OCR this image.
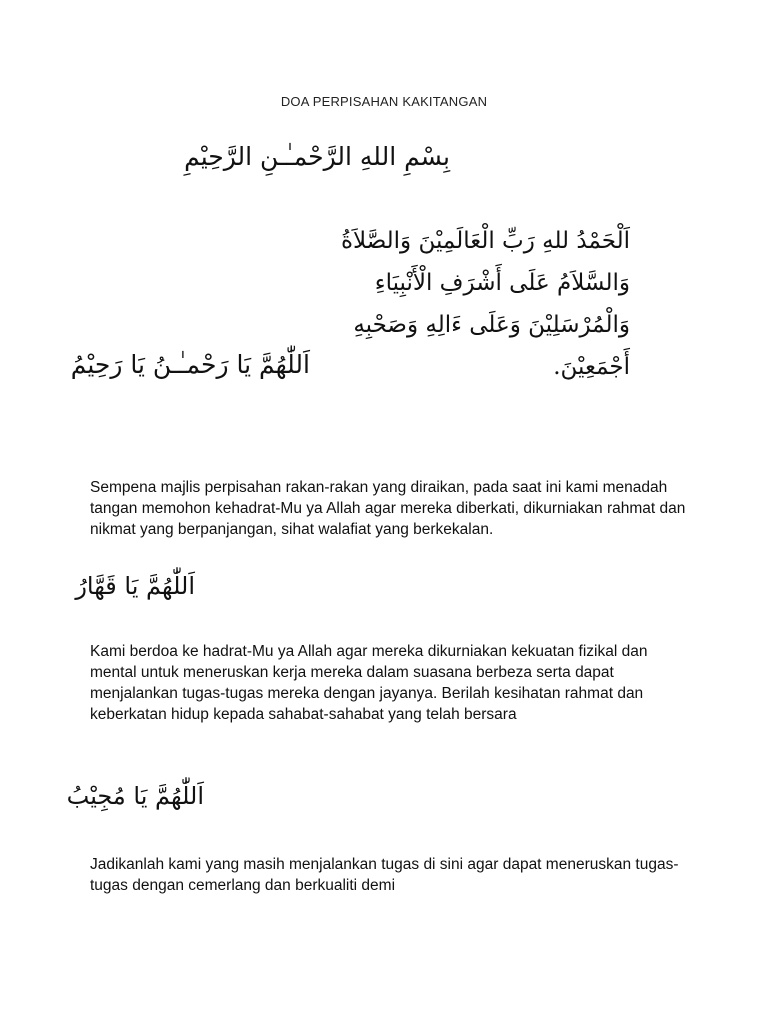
DOA PERPISAHAN KAKITANGAN
بِسْمِ اللهِ الرَّحْمـٰـنِ الرَّحِيْمِ
اَلْحَمْدُ للهِ رَبِّ الْعَالَمِيْنَ وَالصَّلاَةُ وَالسَّلاَمُ عَلَى أَشْرَفِ الْأَنْبِيَاءِ
وَالْمُرْسَلِيْنَ وَعَلَى ءَالِهِ وَصَحْبِهِ أَجْمَعِيْنَ.
اَللّٰهُمَّ يَا رَحْمـٰـنُ يَا رَحِيْمُ

Sempena majlis perpisahan rakan-rakan yang diraikan, pada saat ini kami menadah tangan memohon kehadrat-Mu ya Allah agar mereka diberkati, dikurniakan rahmat dan nikmat yang berpanjangan, sihat walafiat yang berkekalan.

اَللّٰهُمَّ يَا قَهَّارُ

Kami berdoa ke hadrat-Mu ya Allah agar mereka dikurniakan kekuatan fizikal dan mental untuk meneruskan kerja mereka dalam suasana berbeza serta dapat menjalankan tugas-tugas mereka dengan jayanya. Berilah kesihatan rahmat dan keberkatan hidup kepada sahabat-sahabat yang telah bersara

اَللّٰهُمَّ يَا مُجِيْبُ

Jadikanlah kami yang masih menjalankan tugas di sini agar dapat meneruskan tugas-tugas dengan cemerlang dan berkualiti demi
